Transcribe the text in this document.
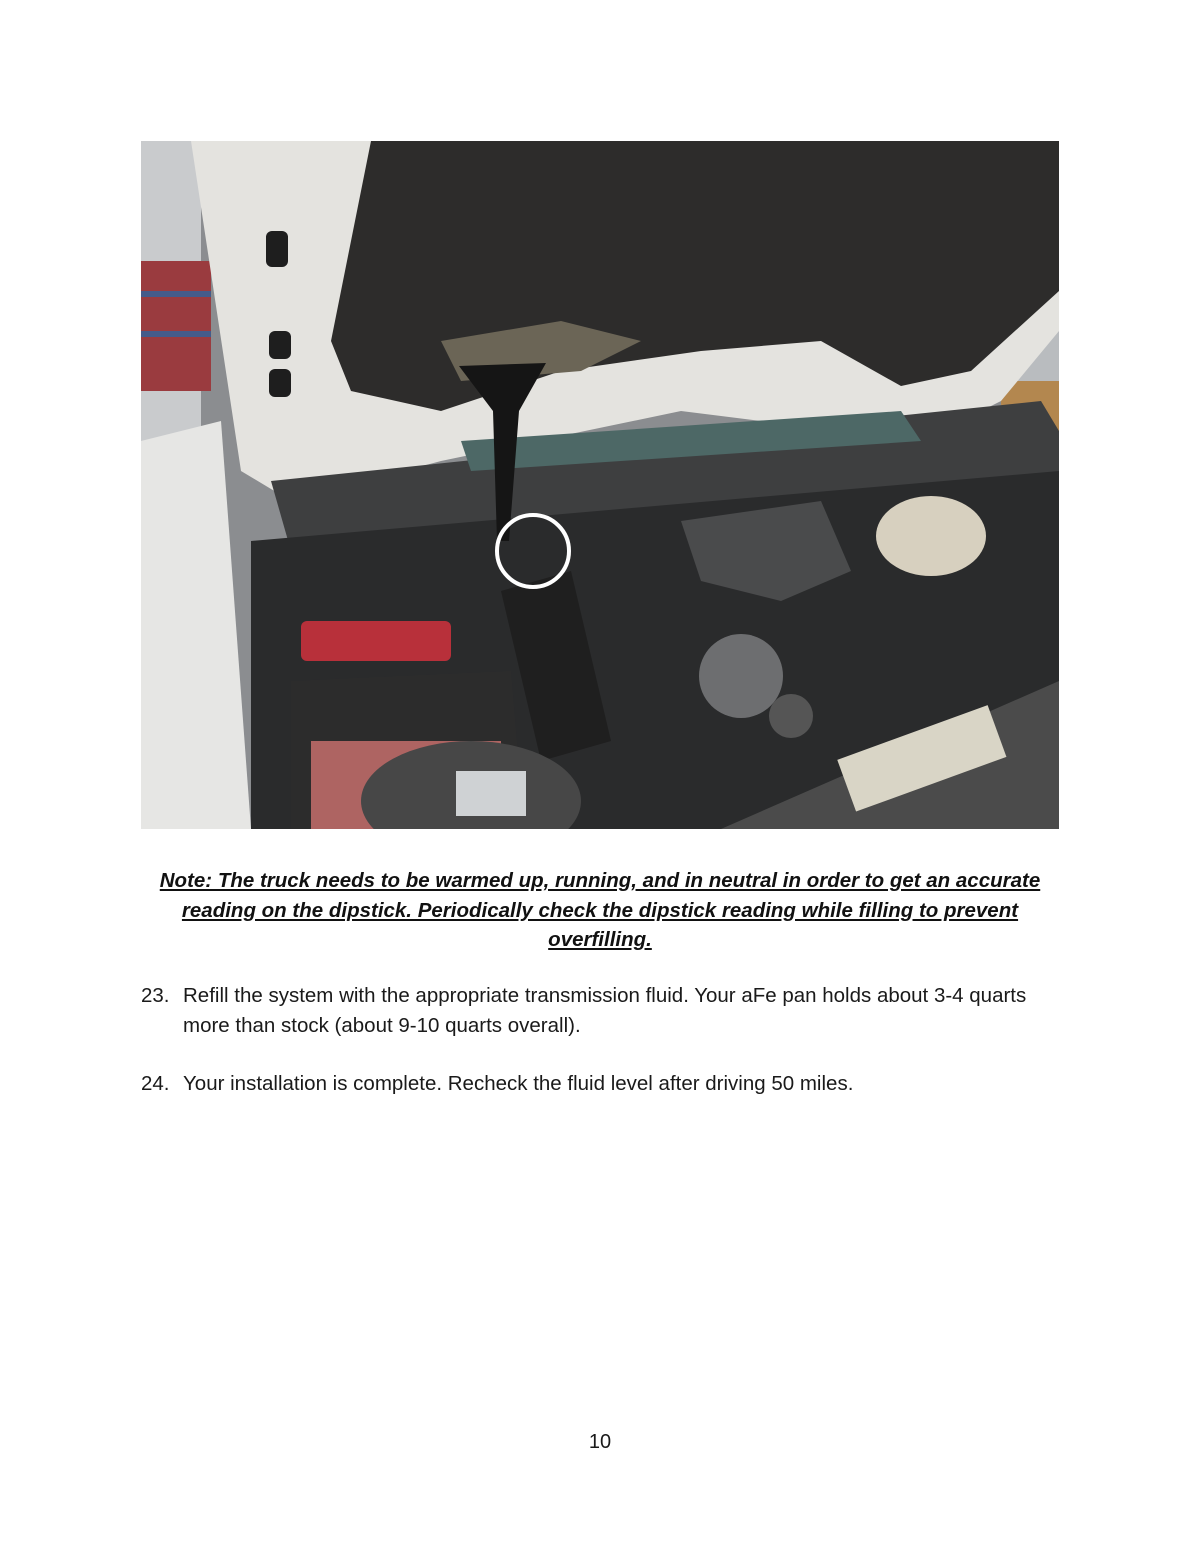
Note: The truck needs to be warmed up, running, and in neutral in order to get an accurate reading on the dipstick. Periodically check the dipstick reading while filling to prevent overfilling.
23. Refill the system with the appropriate transmission fluid. Your aFe pan holds about 3-4 quarts more than stock (about 9-10 quarts overall).
24. Your installation is complete. Recheck the fluid level after driving 50 miles.
10
